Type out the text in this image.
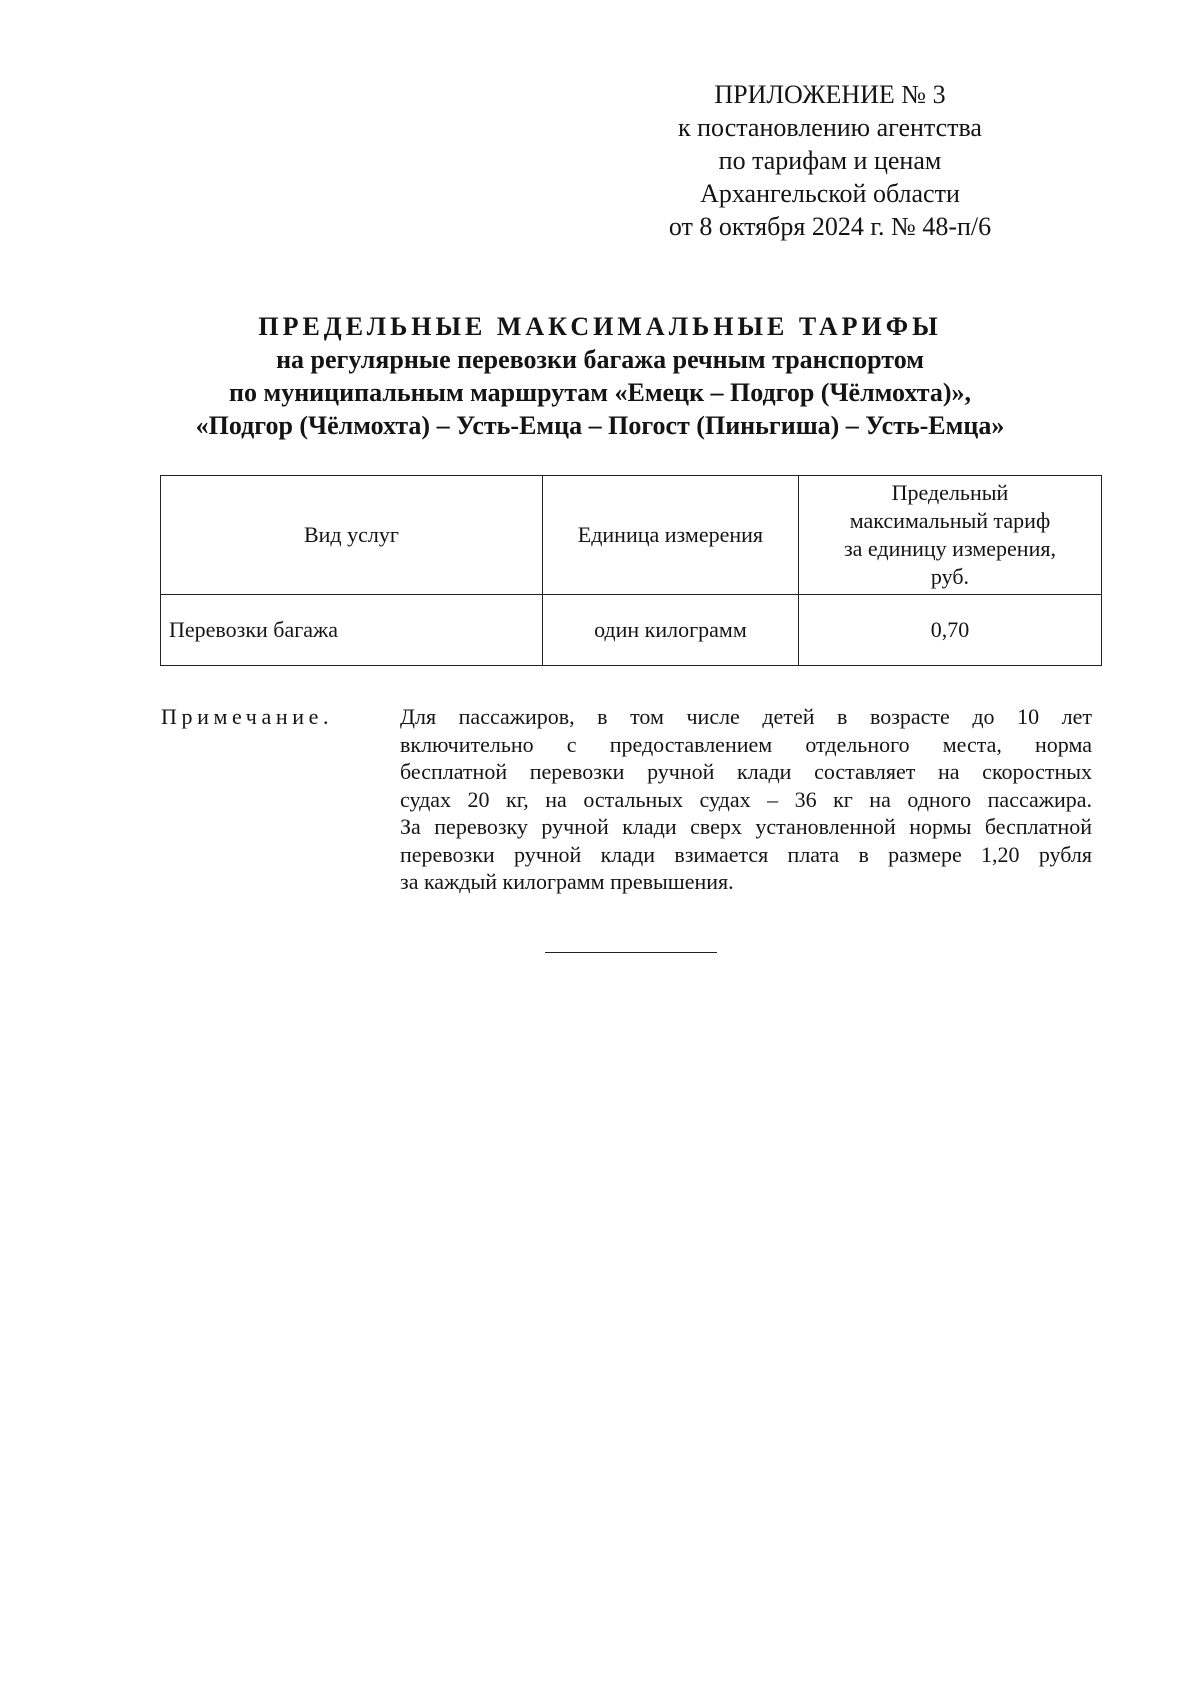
ПРИЛОЖЕНИЕ № 3
к постановлению агентства
по тарифам и ценам
Архангельской области
от 8 октября 2024 г. № 48-п/6
ПРЕДЕЛЬНЫЕ МАКСИМАЛЬНЫЕ ТАРИФЫ
на регулярные перевозки багажа речным транспортом
по муниципальным маршрутам «Емецк – Подгор (Чёлмохта)»,
«Подгор (Чёлмохта) – Усть-Емца – Погост (Пиньгиша) – Усть-Емца»
Вид услуг	Единица измерения	Предельный
максимальный тариф
за единицу измерения,
руб.

Перевозки багажа	один килограмм	0,70
Примечание.	Для пассажиров, в том числе детей в возрасте до 10 лет
включительно с предоставлением отдельного места, норма
бесплатной перевозки ручной клади составляет на скоростных
судах 20 кг, на остальных судах – 36 кг на одного пассажира.
За перевозку ручной клади сверх установленной нормы бесплатной
перевозки ручной клади взимается плата в размере 1,20 рубля
за каждый килограмм превышения.
